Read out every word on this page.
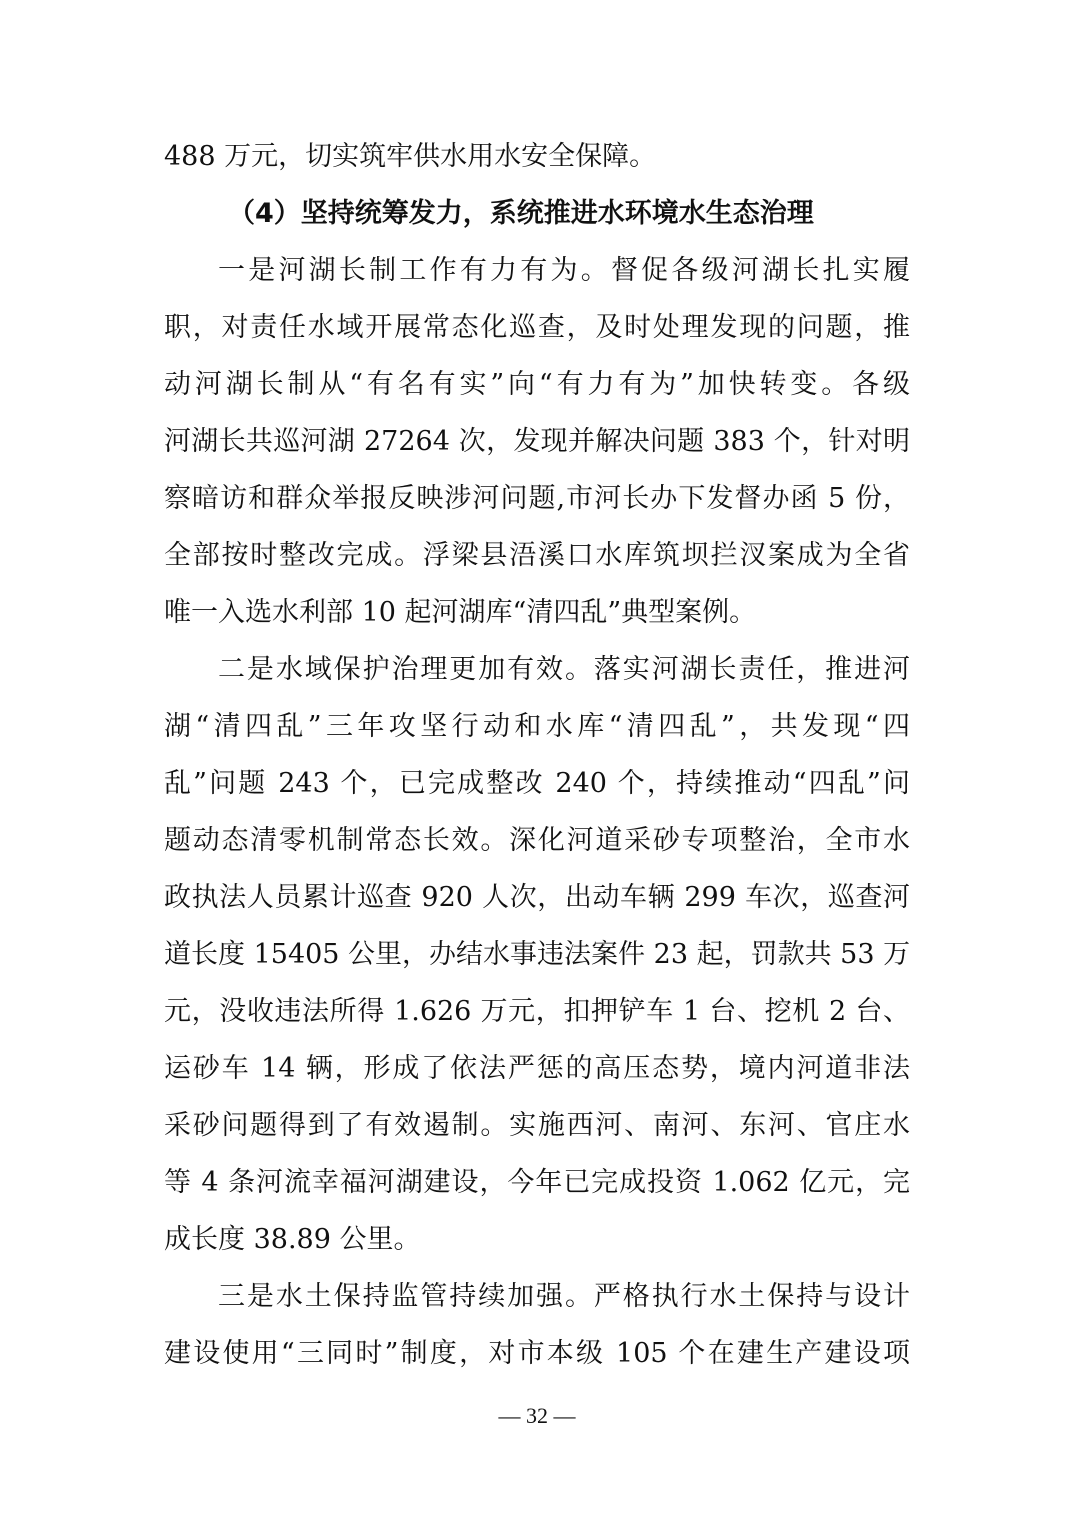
488 万元，切实筑牢供水用水安全保障。
（4）坚持统筹发力，系统推进水环境水生态治理
一是河湖长制工作有力有为。督促各级河湖长扎实履
职，对责任水域开展常态化巡查，及时处理发现的问题，推
动河湖长制从“有名有实”向“有力有为”加快转变。各级
河湖长共巡河湖 27264 次，发现并解决问题 383 个，针对明
察暗访和群众举报反映涉河问题,市河长办下发督办函 5 份，
全部按时整改完成。浮梁县浯溪口水库筑坝拦汊案成为全省
唯一入选水利部 10 起河湖库“清四乱”典型案例。
二是水域保护治理更加有效。落实河湖长责任，推进河
湖“清四乱”三年攻坚行动和水库“清四乱”，共发现“四
乱”问题 243 个，已完成整改 240 个，持续推动“四乱”问
题动态清零机制常态长效。深化河道采砂专项整治，全市水
政执法人员累计巡查 920 人次，出动车辆 299 车次，巡查河
道长度 15405 公里，办结水事违法案件 23 起，罚款共 53 万
元，没收违法所得 1.626 万元，扣押铲车 1 台、挖机 2 台、
运砂车 14 辆，形成了依法严惩的高压态势，境内河道非法
采砂问题得到了有效遏制。实施西河、南河、东河、官庄水
等 4 条河流幸福河湖建设，今年已完成投资 1.062 亿元，完
成长度 38.89 公里。
三是水土保持监管持续加强。严格执行水土保持与设计
建设使用“三同时”制度，对市本级 105 个在建生产建设项
— 32 —
